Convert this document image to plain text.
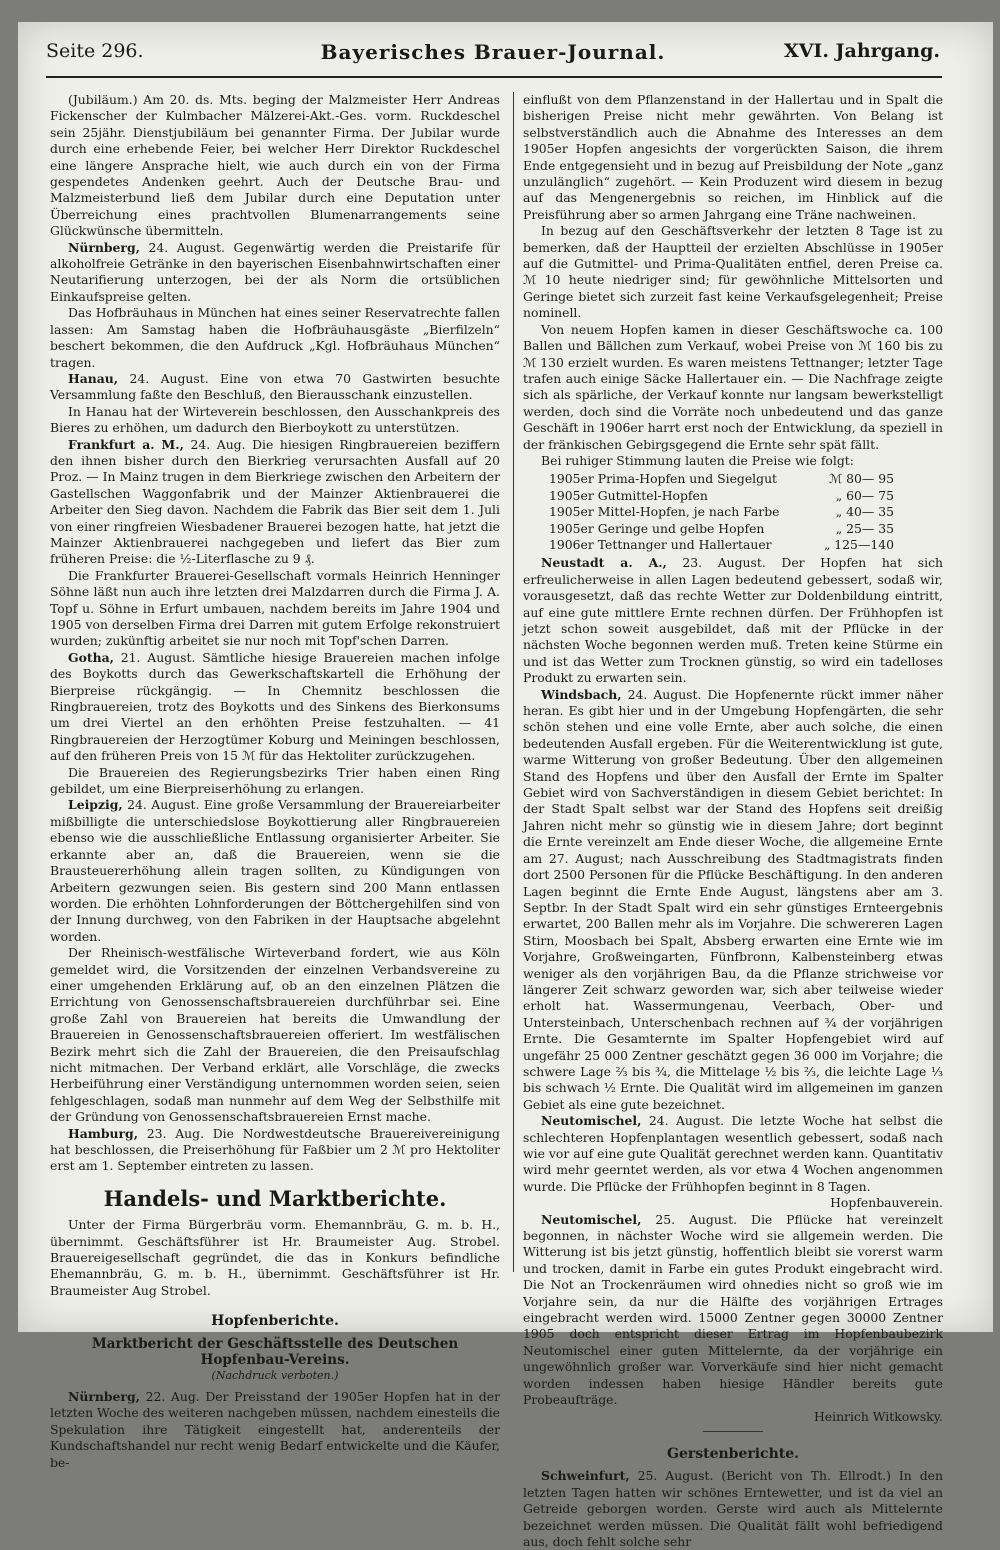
Seite 296.	Bayerisches Brauer-Journal.	XVI. Jahrgang.

(Jubiläum.) Am 20. ds. Mts. beging der Malzmeister Herr Andreas Fickenscher der Kulmbacher Mälzerei-Akt.-Ges. vorm. Ruckdeschel sein 25jähr. Dienstjubiläum bei genannter Firma. Der Jubilar wurde durch eine erhebende Feier, bei welcher Herr Direktor Ruckdeschel eine längere Ansprache hielt, wie auch durch ein von der Firma gespendetes Andenken geehrt. Auch der Deutsche Brau- und Malzmeisterbund ließ dem Jubilar durch eine Deputation unter Überreichung eines prachtvollen Blumenarrangements seine Glückwünsche übermitteln.

Nürnberg, 24. August. Gegenwärtig werden die Preistarife für alkoholfreie Getränke in den bayerischen Eisenbahnwirtschaften einer Neutarifierung unterzogen, bei der als Norm die ortsüblichen Einkaufspreise gelten.

Das Hofbräuhaus in München hat eines seiner Reservatrechte fallen lassen: Am Samstag haben die Hofbräuhausgäste „Bierfilzeln“ beschert bekommen, die den Aufdruck „Kgl. Hofbräuhaus München“ tragen.

Hanau, 24. August. Eine von etwa 70 Gastwirten besuchte Versammlung faßte den Beschluß, den Bierausschank einzustellen.

In Hanau hat der Wirteverein beschlossen, den Ausschankpreis des Bieres zu erhöhen, um dadurch den Bierboykott zu unterstützen.

Frankfurt a. M., 24. Aug. Die hiesigen Ringbrauereien beziffern den ihnen bisher durch den Bierkrieg verursachten Ausfall auf 20 Proz. — In Mainz trugen in dem Bierkriege zwischen den Arbeitern der Gastellschen Waggonfabrik und der Mainzer Aktienbrauerei die Arbeiter den Sieg davon. Nachdem die Fabrik das Bier seit dem 1. Juli von einer ringfreien Wiesbadener Brauerei bezogen hatte, hat jetzt die Mainzer Aktienbrauerei nachgegeben und liefert das Bier zum früheren Preise: die ½-Literflasche zu 9 ₰.

Die Frankfurter Brauerei-Gesellschaft vormals Heinrich Henninger Söhne läßt nun auch ihre letzten drei Malzdarren durch die Firma J. A. Topf u. Söhne in Erfurt umbauen, nachdem bereits im Jahre 1904 und 1905 von derselben Firma drei Darren mit gutem Erfolge rekonstruiert wurden; zukünftig arbeitet sie nur noch mit Topf'schen Darren.

Gotha, 21. August. Sämtliche hiesige Brauereien machen infolge des Boykotts durch das Gewerkschaftskartell die Erhöhung der Bierpreise rückgängig. — In Chemnitz beschlossen die Ringbrauereien, trotz des Boykotts und des Sinkens des Bierkonsums um drei Viertel an den erhöhten Preise festzuhalten. — 41 Ringbrauereien der Herzogtümer Koburg und Meiningen beschlossen, auf den früheren Preis von 15 ℳ für das Hektoliter zurückzugehen.

Die Brauereien des Regierungsbezirks Trier haben einen Ring gebildet, um eine Bierpreiserhöhung zu erlangen.

Leipzig, 24. August. Eine große Versammlung der Brauereiarbeiter mißbilligte die unterschiedslose Boykottierung aller Ringbrauereien ebenso wie die ausschließliche Entlassung organisierter Arbeiter. Sie erkannte aber an, daß die Brauereien, wenn sie die Brausteuererhöhung allein tragen sollten, zu Kündigungen von Arbeitern gezwungen seien. Bis gestern sind 200 Mann entlassen worden. Die erhöhten Lohnforderungen der Böttchergehilfen sind von der Innung durchweg, von den Fabriken in der Hauptsache abgelehnt worden.

Der Rheinisch-westfälische Wirteverband fordert, wie aus Köln gemeldet wird, die Vorsitzenden der einzelnen Verbandsvereine zu einer umgehenden Erklärung auf, ob an den einzelnen Plätzen die Errichtung von Genossenschaftsbrauereien durchführbar sei. Eine große Zahl von Brauereien hat bereits die Umwandlung der Brauereien in Genossenschaftsbrauereien offeriert. Im westfälischen Bezirk mehrt sich die Zahl der Brauereien, die den Preisaufschlag nicht mitmachen. Der Verband erklärt, alle Vorschläge, die zwecks Herbeiführung einer Verständigung unternommen worden seien, seien fehlgeschlagen, sodaß man nunmehr auf dem Weg der Selbsthilfe mit der Gründung von Genossenschaftsbrauereien Ernst mache.

Hamburg, 23. Aug. Die Nordwestdeutsche Brauereivereinigung hat beschlossen, die Preiserhöhung für Faßbier um 2 ℳ pro Hektoliter erst am 1. September eintreten zu lassen.

Handels- und Marktberichte.

Unter der Firma Bürgerbräu vorm. Ehemannbräu, G. m. b. H., übernimmt. Geschäftsführer ist Hr. Braumeister Aug. Strobel. Brauereigesellschaft gegründet, die das in Konkurs befindliche Ehemannbräu, G. m. b. H., übernimmt. Geschäftsführer ist Hr. Braumeister Aug Strobel.

Hopfenberichte.
Marktbericht der Geschäftsstelle des Deutschen Hopfenbau-Vereins.
(Nachdruck verboten.)

Nürnberg, 22. Aug. Der Preisstand der 1905er Hopfen hat in der letzten Woche des weiteren nachgeben müssen, nachdem einesteils die Spekulation ihre Tätigkeit eingestellt hat, anderenteils der Kundschaftshandel nur recht wenig Bedarf entwickelte und die Käufer, be-

einflußt von dem Pflanzenstand in der Hallertau und in Spalt die bisherigen Preise nicht mehr gewährten. Von Belang ist selbstverständlich auch die Abnahme des Interesses an dem 1905er Hopfen angesichts der vorgerückten Saison, die ihrem Ende entgegensieht und in bezug auf Preisbildung der Note „ganz unzulänglich“ zugehört. — Kein Produzent wird diesem in bezug auf das Mengenergebnis so reichen, im Hinblick auf die Preisführung aber so armen Jahrgang eine Träne nachweinen.

In bezug auf den Geschäftsverkehr der letzten 8 Tage ist zu bemerken, daß der Hauptteil der erzielten Abschlüsse in 1905er auf die Gutmittel- und Prima-Qualitäten entfiel, deren Preise ca. ℳ 10 heute niedriger sind; für gewöhnliche Mittelsorten und Geringe bietet sich zurzeit fast keine Verkaufsgelegenheit; Preise nominell.

Von neuem Hopfen kamen in dieser Geschäftswoche ca. 100 Ballen und Bällchen zum Verkauf, wobei Preise von ℳ 160 bis zu ℳ 130 erzielt wurden. Es waren meistens Tettnanger; letzter Tage trafen auch einige Säcke Hallertauer ein. — Die Nachfrage zeigte sich als spärliche, der Verkauf konnte nur langsam bewerkstelligt werden, doch sind die Vorräte noch unbedeutend und das ganze Geschäft in 1906er harrt erst noch der Entwicklung, da speziell in der fränkischen Gebirgsgegend die Ernte sehr spät fällt.

Bei ruhiger Stimmung lauten die Preise wie folgt:

1905er Prima-Hopfen und Siegelgut	ℳ 80— 95
1905er Gutmittel-Hopfen	„ 60— 75
1905er Mittel-Hopfen, je nach Farbe	„ 40— 35
1905er Geringe und gelbe Hopfen	„ 25— 35
1906er Tettnanger und Hallertauer	„ 125—140

Neustadt a. A., 23. August. Der Hopfen hat sich erfreulicherweise in allen Lagen bedeutend gebessert, sodaß wir, vorausgesetzt, daß das rechte Wetter zur Doldenbildung eintritt, auf eine gute mittlere Ernte rechnen dürfen. Der Frühhopfen ist jetzt schon soweit ausgebildet, daß mit der Pflücke in der nächsten Woche begonnen werden muß. Treten keine Stürme ein und ist das Wetter zum Trocknen günstig, so wird ein tadelloses Produkt zu erwarten sein.

Windsbach, 24. August. Die Hopfenernte rückt immer näher heran. Es gibt hier und in der Umgebung Hopfengärten, die sehr schön stehen und eine volle Ernte, aber auch solche, die einen bedeutenden Ausfall ergeben. Für die Weiterentwicklung ist gute, warme Witterung von großer Bedeutung. Über den allgemeinen Stand des Hopfens und über den Ausfall der Ernte im Spalter Gebiet wird von Sachverständigen in diesem Gebiet berichtet: In der Stadt Spalt selbst war der Stand des Hopfens seit dreißig Jahren nicht mehr so günstig wie in diesem Jahre; dort beginnt die Ernte vereinzelt am Ende dieser Woche, die allgemeine Ernte am 27. August; nach Ausschreibung des Stadtmagistrats finden dort 2500 Personen für die Pflücke Beschäftigung. In den anderen Lagen beginnt die Ernte Ende August, längstens aber am 3. Septbr. In der Stadt Spalt wird ein sehr günstiges Ernteergebnis erwartet, 200 Ballen mehr als im Vorjahre. Die schwereren Lagen Stirn, Moosbach bei Spalt, Absberg erwarten eine Ernte wie im Vorjahre, Großweingarten, Fünfbronn, Kalbensteinberg etwas weniger als den vorjährigen Bau, da die Pflanze strichweise vor längerer Zeit schwarz geworden war, sich aber teilweise wieder erholt hat. Wassermungenau, Veerbach, Ober- und Untersteinbach, Unterschenbach rechnen auf ¾ der vorjährigen Ernte. Die Gesamternte im Spalter Hopfengebiet wird auf ungefähr 25 000 Zentner geschätzt gegen 36 000 im Vorjahre; die schwere Lage ⅔ bis ¾, die Mittelage ½ bis ⅔, die leichte Lage ⅓ bis schwach ½ Ernte. Die Qualität wird im allgemeinen im ganzen Gebiet als eine gute bezeichnet.

Neutomischel, 24. August. Die letzte Woche hat selbst die schlechteren Hopfenplantagen wesentlich gebessert, sodaß nach wie vor auf eine gute Qualität gerechnet werden kann. Quantitativ wird mehr geerntet werden, als vor etwa 4 Wochen angenommen wurde. Die Pflücke der Frühhopfen beginnt in 8 Tagen.

Hopfenbauverein.

Neutomischel, 25. August. Die Pflücke hat vereinzelt begonnen, in nächster Woche wird sie allgemein werden. Die Witterung ist bis jetzt günstig, hoffentlich bleibt sie vorerst warm und trocken, damit in Farbe ein gutes Produkt eingebracht wird. Die Not an Trockenräumen wird ohnedies nicht so groß wie im Vorjahre sein, da nur die Hälfte des vorjährigen Ertrages eingebracht werden wird. 15000 Zentner gegen 30000 Zentner 1905 doch entspricht dieser Ertrag im Hopfenbaubezirk Neutomischel einer guten Mittelernte, da der vorjährige ein ungewöhnlich großer war. Vorverkäufe sind hier nicht gemacht worden indessen haben hiesige Händler bereits gute Probeaufträge.

Heinrich Witkowsky.
Gerstenberichte.

Schweinfurt, 25. August. (Bericht von Th. Ellrodt.) In den letzten Tagen hatten wir schönes Erntewetter, und ist da viel an Getreide geborgen worden. Gerste wird auch als Mittelernte bezeichnet werden müssen. Die Qualität fällt wohl befriedigend aus, doch fehlt solche sehr
